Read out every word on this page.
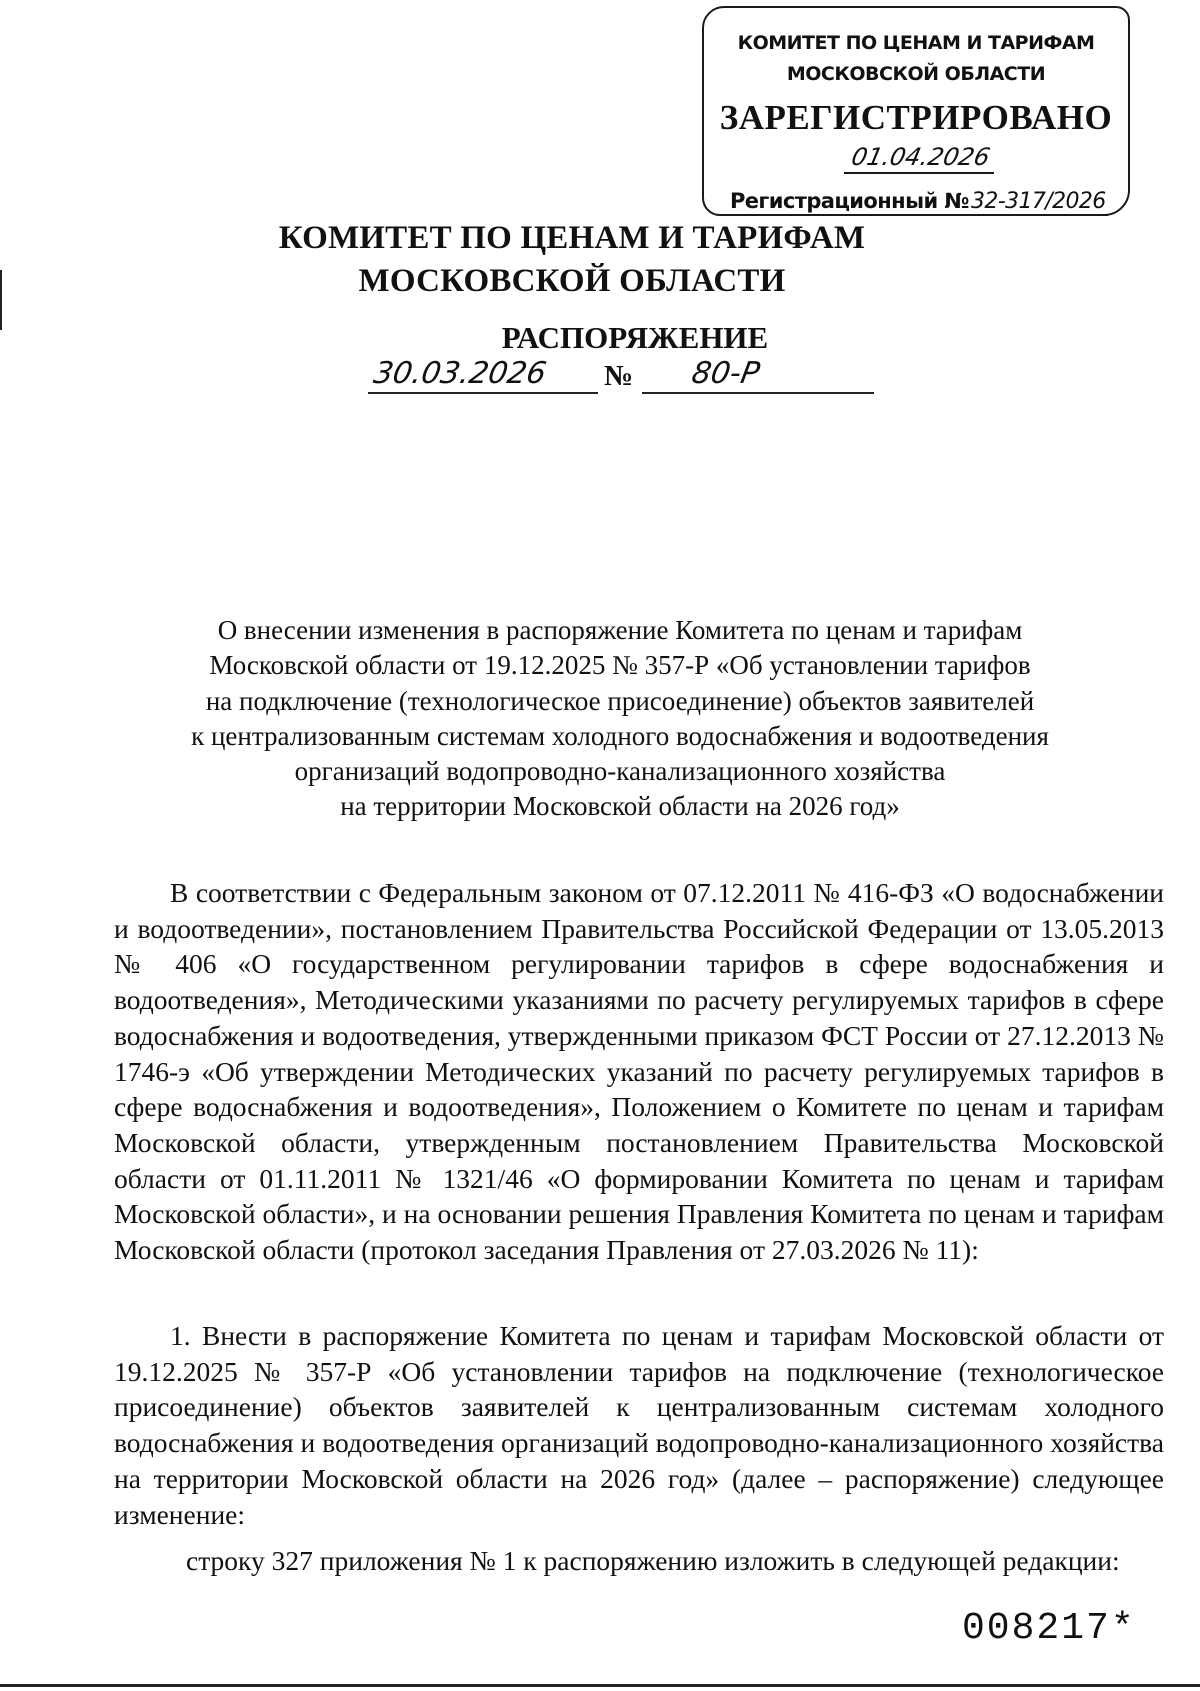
КОМИТЕТ ПО ЦЕНАМ И ТАРИФАМ
МОСКОВСКОЙ ОБЛАСТИ
ЗАРЕГИСТРИРОВАНО
01.04.2026
Регистрационный №32-317/2026
КОМИТЕТ ПО ЦЕНАМ И ТАРИФАМ
МОСКОВСКОЙ ОБЛАСТИ
РАСПОРЯЖЕНИЕ
30.03.2026 № 80-Р

О внесении изменения в распоряжение Комитета по ценам и тарифам
Московской области от 19.12.2025 № 357-Р «Об установлении тарифов
на подключение (технологическое присоединение) объектов заявителей
к централизованным системам холодного водоснабжения и водоотведения
организаций водопроводно-канализационного хозяйства
на территории Московской области на 2026 год»

В соответствии с Федеральным законом от 07.12.2011 № 416-ФЗ «О водоснабжении и водоотведении», постановлением Правительства Российской Федерации от 13.05.2013 № 406 «О государственном регулировании тарифов в сфере водоснабжения и водоотведения», Методическими указаниями по расчету регулируемых тарифов в сфере водоснабжения и водоотведения, утвержденными приказом ФСТ России от 27.12.2013 № 1746-э «Об утверждении Методических указаний по расчету регулируемых тарифов в сфере водоснабжения и водоотведения», Положением о Комитете по ценам и тарифам Московской области, утвержденным постановлением Правительства Московской области от 01.11.2011 № 1321/46 «О формировании Комитета по ценам и тарифам Московской области», и на основании решения Правления Комитета по ценам и тарифам Московской области (протокол заседания Правления от 27.03.2026 № 11):

1. Внести в распоряжение Комитета по ценам и тарифам Московской области от 19.12.2025 № 357-Р «Об установлении тарифов на подключение (технологическое присоединение) объектов заявителей к централизованным системам холодного водоснабжения и водоотведения организаций водопроводно-канализационного хозяйства на территории Московской области на 2026 год» (далее – распоряжение) следующее изменение:

строку 327 приложения № 1 к распоряжению изложить в следующей редакции:

008217*
